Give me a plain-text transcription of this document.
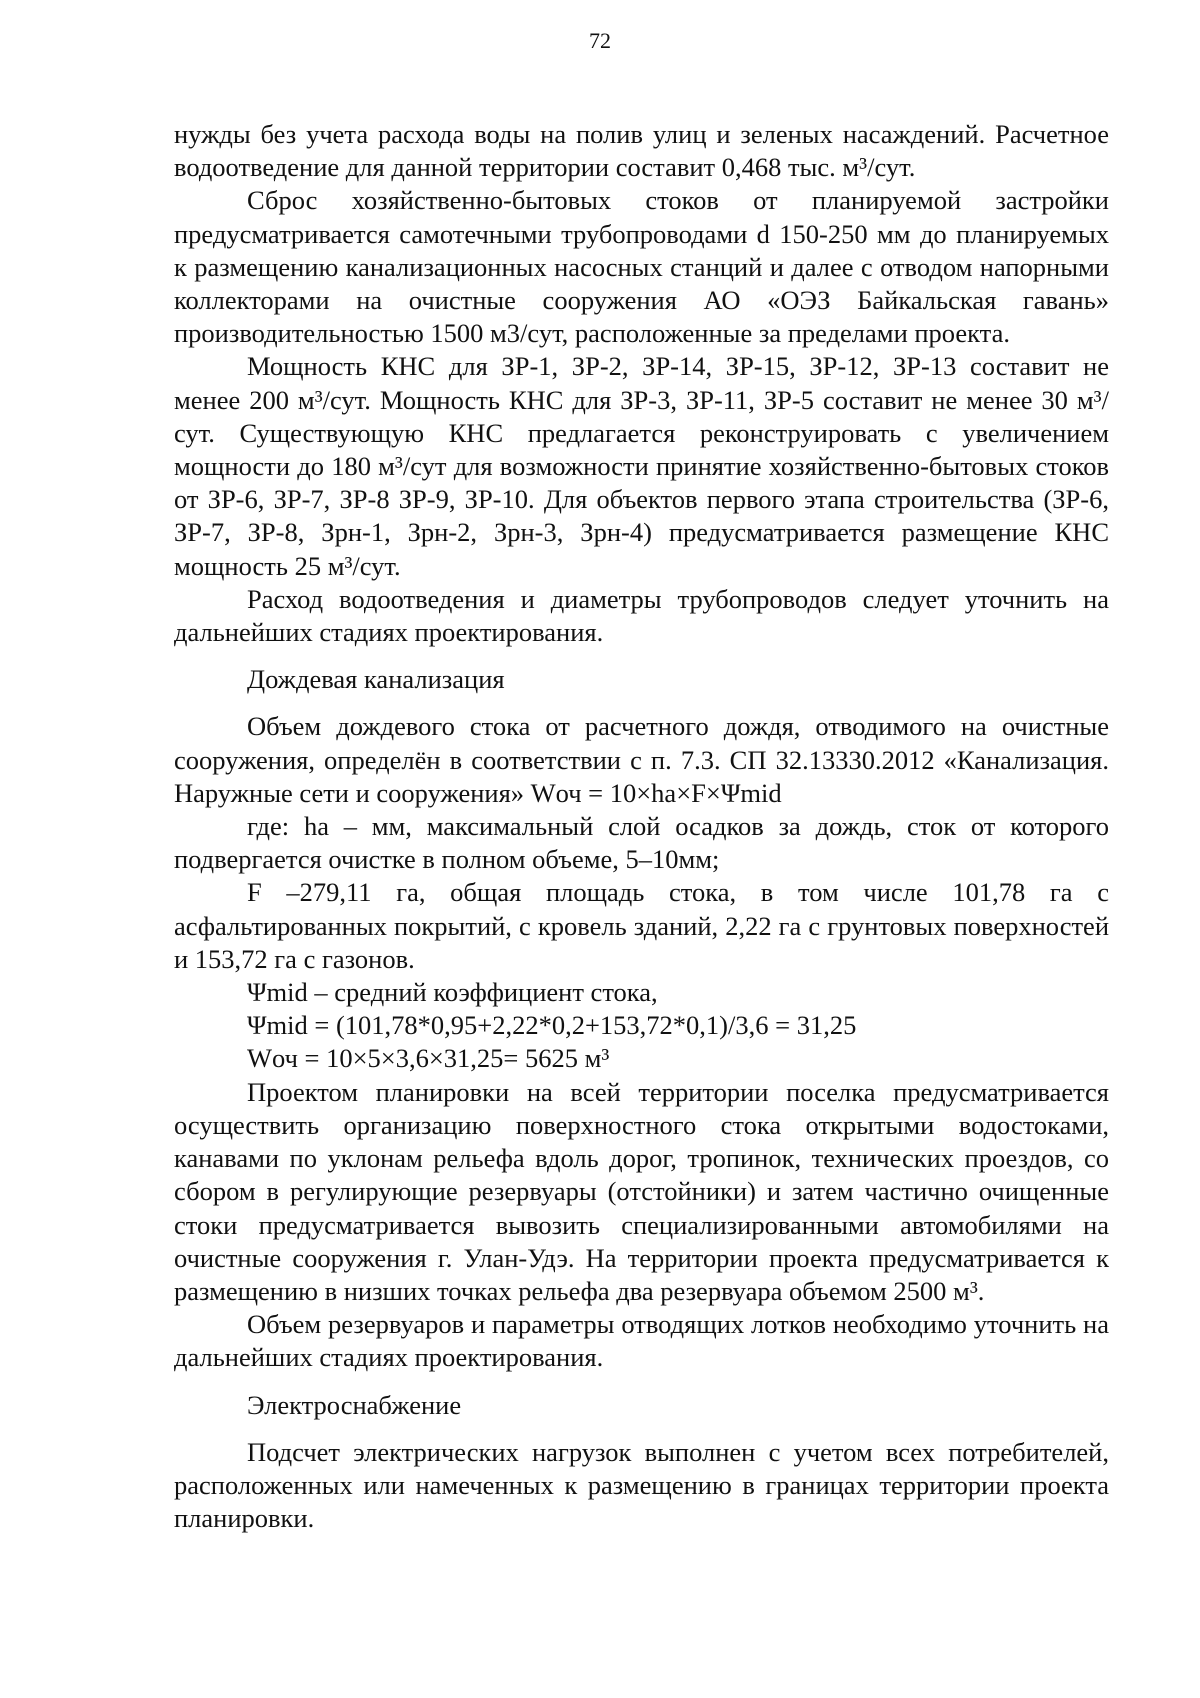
72

нужды без учета расхода воды на полив улиц и зеленых насаждений. Расчетное водоотведение для данной территории составит 0,468 тыс. м³/сут.

Сброс хозяйственно-бытовых стоков от планируемой застройки предусматривается самотечными трубопроводами d 150-250 мм до планируемых к размещению канализационных насосных станций и далее с отводом напорными коллекторами на очистные сооружения АО «ОЭЗ Байкальская гавань» производительностью 1500 м3/сут, расположенные за пределами проекта.

Мощность КНС для ЗР-1, ЗР-2, ЗР-14, ЗР-15, ЗР-12, ЗР-13 составит не менее 200 м³/сут. Мощность КНС для ЗР-3, ЗР-11, ЗР-5 составит не менее 30 м³/сут. Существующую КНС предлагается реконструировать с увеличением мощности до 180 м³/сут для возможности принятие хозяйственно-бытовых стоков от ЗР-6, ЗР-7, ЗР-8 ЗР-9, ЗР-10. Для объектов первого этапа строительства (ЗР-6, ЗР-7, ЗР-8, Зрн-1, Зрн-2, Зрн-3, Зрн-4) предусматривается размещение КНС мощность 25 м³/сут.

Расход водоотведения и диаметры трубопроводов следует уточнить на дальнейших стадиях проектирования.

Дождевая канализация

Объем дождевого стока от расчетного дождя, отводимого на очистные сооружения, определён в соответствии с п. 7.3. СП 32.13330.2012 «Канализация. Наружные сети и сооружения» Wоч = 10×hа×F×Ψmid

где: hа – мм, максимальный слой осадков за дождь, сток от которого подвергается очистке в полном объеме, 5–10мм;

F –279,11 га, общая площадь стока, в том числе 101,78 га с асфальтированных покрытий, с кровель зданий, 2,22 га с грунтовых поверхностей и 153,72 га с газонов.

Ψmid – средний коэффициент стока,

Ψmid = (101,78*0,95+2,22*0,2+153,72*0,1)/3,6 = 31,25

Wоч = 10×5×3,6×31,25= 5625 м³

Проектом планировки на всей территории поселка предусматривается осуществить организацию поверхностного стока открытыми водостоками, канавами по уклонам рельефа вдоль дорог, тропинок, технических проездов, со сбором в регулирующие резервуары (отстойники) и затем частично очищенные стоки предусматривается вывозить специализированными автомобилями на очистные сооружения г. Улан-Удэ. На территории проекта предусматривается к размещению в низших точках рельефа два резервуара объемом 2500 м³.

Объем резервуаров и параметры отводящих лотков необходимо уточнить на дальнейших стадиях проектирования.

Электроснабжение

Подсчет электрических нагрузок выполнен с учетом всех потребителей, расположенных или намеченных к размещению в границах территории проекта планировки.
